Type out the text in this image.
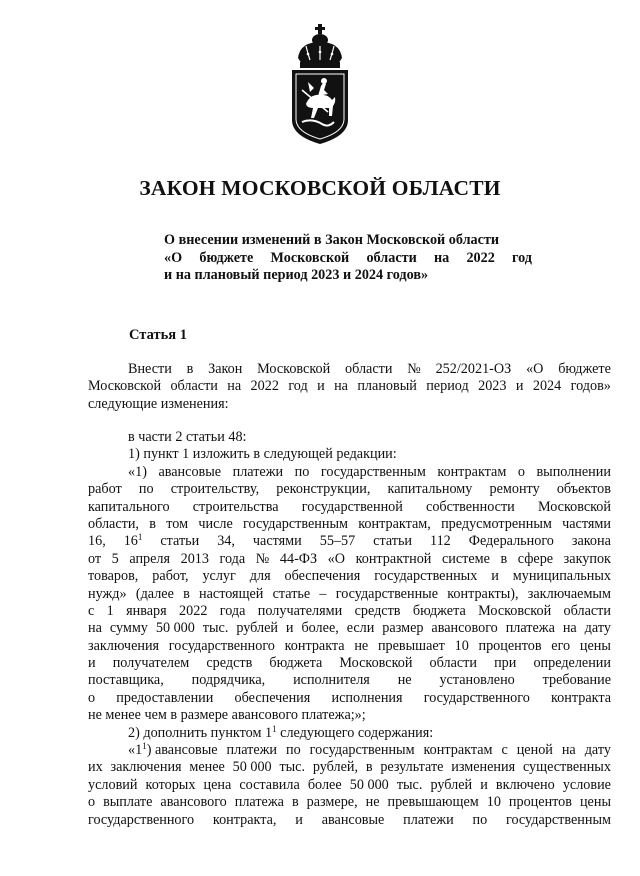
ЗАКОН МОСКОВСКОЙ ОБЛАСТИ
О внесении изменений в Закон Московской области
«О бюджете Московской области на 2022 год
и на плановый период 2023 и 2024 годов»
Статья 1
Внести в Закон Московской области № 252/2021-ОЗ «О бюджете
Московской области на 2022 год и на плановый период 2023 и 2024 годов»
следующие изменения:
в части 2 статьи 48:
1) пункт 1 изложить в следующей редакции:
«1) авансовые платежи по государственным контрактам о выполнении
работ по строительству, реконструкции, капитальному ремонту объектов
капитального строительства государственной собственности Московской
области, в том числе государственным контрактам, предусмотренным частями
16, $16^1$ статьи 34, частями 55–57 статьи 112 Федерального закона
от 5 апреля 2013 года № 44-ФЗ «О контрактной системе в сфере закупок
товаров, работ, услуг для обеспечения государственных и муниципальных
нужд» (далее в настоящей статье – государственные контракты), заключаемым
с 1 января 2022 года получателями средств бюджета Московской области
на сумму 50 000 тыс. рублей и более, если размер авансового платежа на дату
заключения государственного контракта не превышает 10 процентов его цены
и получателем средств бюджета Московской области при определении
поставщика, подрядчика, исполнителя не установлено требование
о предоставлении обеспечения исполнения государственного контракта
не менее чем в размере авансового платежа;»;
2) дополнить пунктом $1^1$ следующего содержания:
«$1^1$) авансовые платежи по государственным контрактам с ценой на дату
их заключения менее 50 000 тыс. рублей, в результате изменения существенных
условий которых цена составила более 50 000 тыс. рублей и включено условие
о выплате авансового платежа в размере, не превышающем 10 процентов цены
государственного контракта, и авансовые платежи по государственным
